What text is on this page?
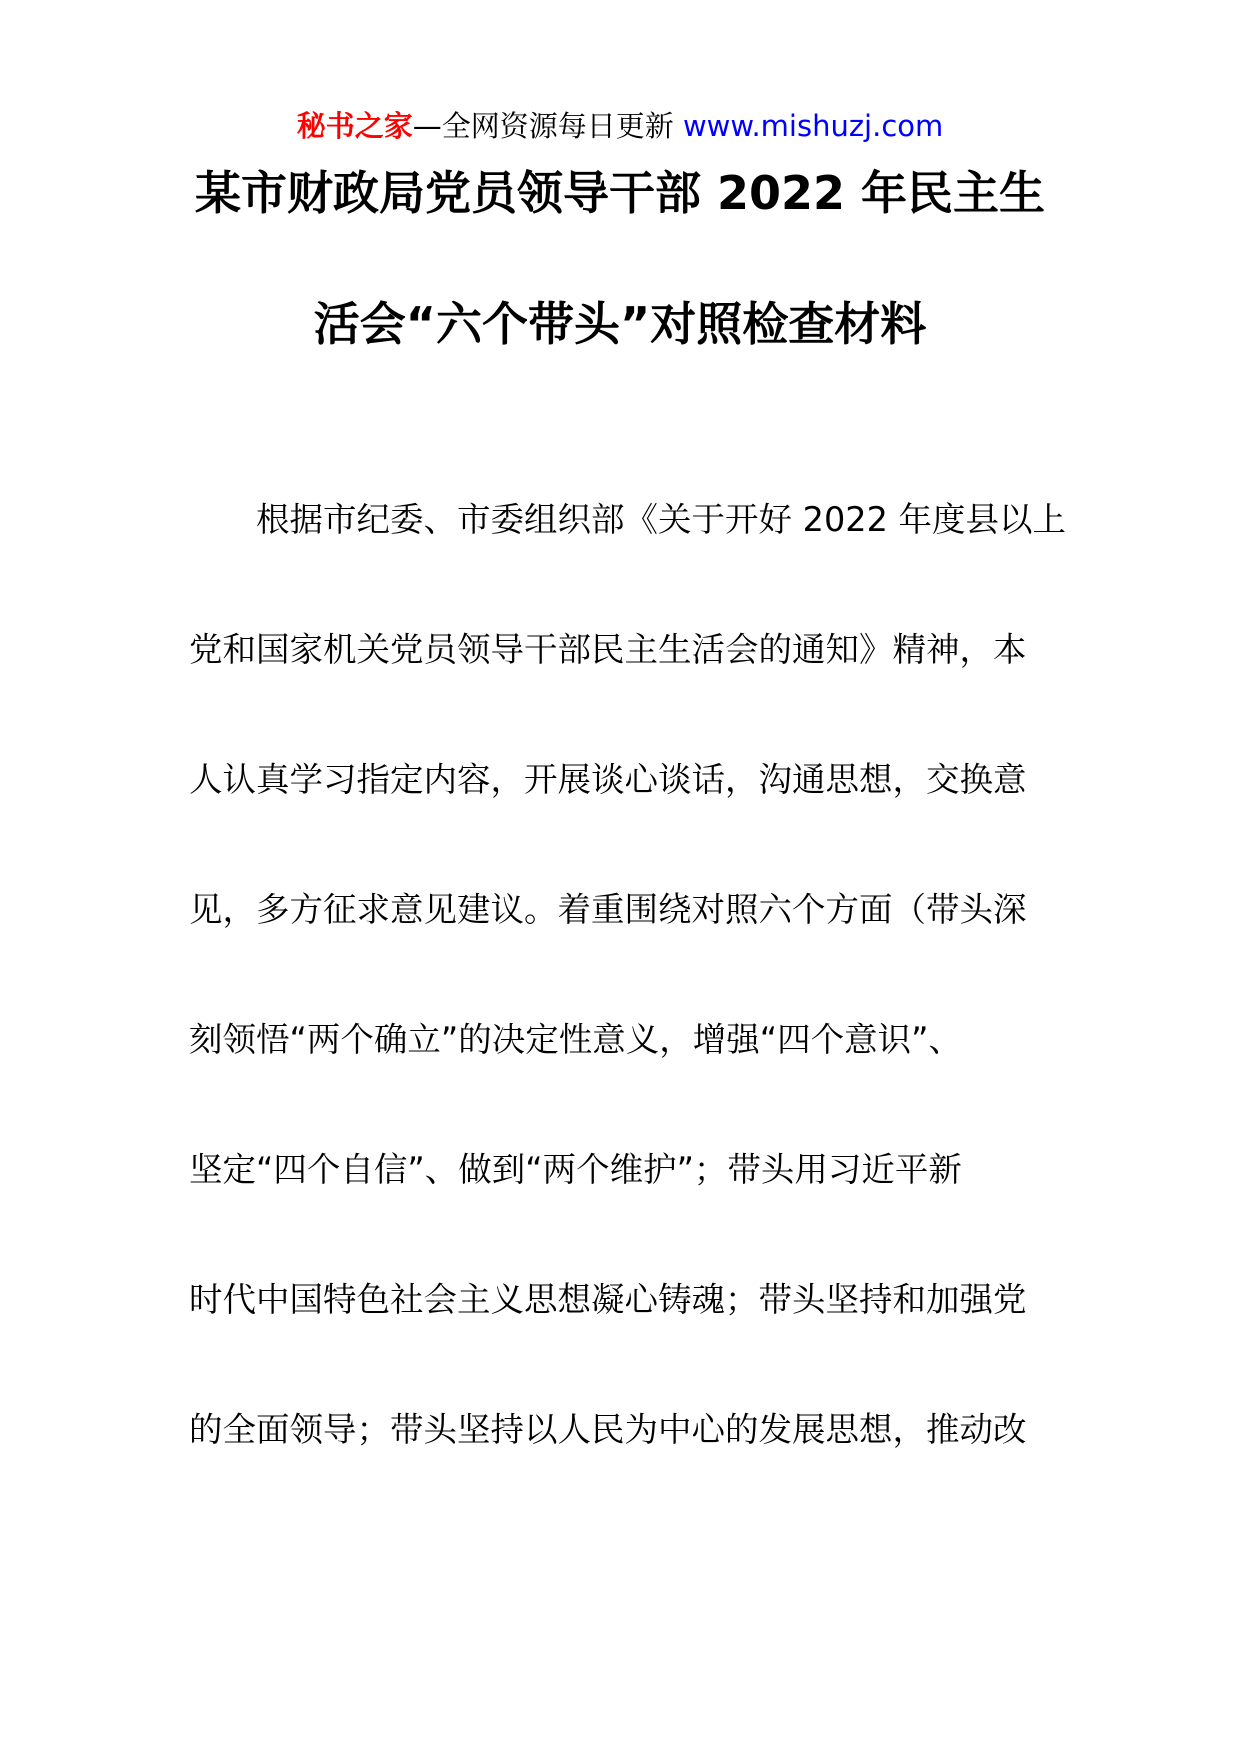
秘书之家—全网资源每日更新 www.mishuzj.com
某市财政局党员领导干部 2022 年民主生
活会“六个带头”对照检查材料
根据市纪委、市委组织部《关于开好 2022 年度县以上
党和国家机关党员领导干部民主生活会的通知》精神，本
人认真学习指定内容，开展谈心谈话，沟通思想，交换意
见，多方征求意见建议。着重围绕对照六个方面（带头深
刻领悟“两个确立”的决定性意义，增强“四个意识”、
坚定“四个自信”、做到“两个维护”；带头用习近平新
时代中国特色社会主义思想凝心铸魂；带头坚持和加强党
的全面领导；带头坚持以人民为中心的发展思想，推动改
